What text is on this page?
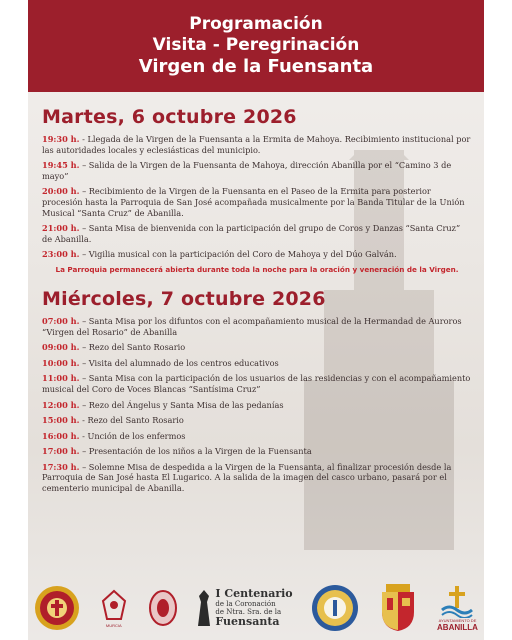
Programación
Visita - Peregrinación
Virgen de la Fuensanta
Martes, 6 octubre 2026
19:30 h. - Llegada de la Virgen de la Fuensanta a la Ermita de Mahoya. Recibimiento institucional por las autoridades locales y eclesiásticas del municipio.
19:45 h. – Salida de la Virgen de la Fuensanta de Mahoya, dirección Abanilla por el “Camino 3 de mayo”
20:00 h. – Recibimiento de la Virgen de la Fuensanta en el Paseo de la Ermita para posterior procesión hasta la Parroquia de San José acompañada musicalmente por la Banda Titular de la Unión Musical “Santa Cruz” de Abanilla.
21:00 h. – Santa Misa de bienvenida con la participación del grupo de Coros y Danzas “Santa Cruz” de Abanilla.
23:00 h. – Vigilia musical con la participación del Coro de Mahoya y del Dúo Galván.
La Parroquia permanecerá abierta durante toda la noche para la oración y veneración de la Virgen.
Miércoles, 7 octubre 2026
07:00 h. – Santa Misa por los difuntos con el acompañamiento musical de la Hermandad de Auroros “Virgen del Rosario” de Abanilla
09:00 h. – Rezo del Santo Rosario
10:00 h. – Visita del alumnado de los centros educativos
11:00 h. – Santa Misa con la participación de los usuarios de las residencias y con el acompañamiento musical del Coro de Voces Blancas “Santísima Cruz”
12:00 h. – Rezo del Ángelus y Santa Misa de las pedanías
15:00 h. - Rezo del Santo Rosario
16:00 h. - Unción de los enfermos
17:00 h. – Presentación de los niños a la Virgen de la Fuensanta
17:30 h. – Solemne Misa de despedida a la Virgen de la Fuensanta, al finalizar procesión desde la Parroquia de San José hasta El Lugarico. A la salida de la imagen del casco urbano, pasará por el cementerio municipal de Abanilla.
MURCIA
I Centenario
de la Coronación
de Ntra. Sra. de la
Fuensanta	AYUNTAMIENTO DE
ABANILLA
